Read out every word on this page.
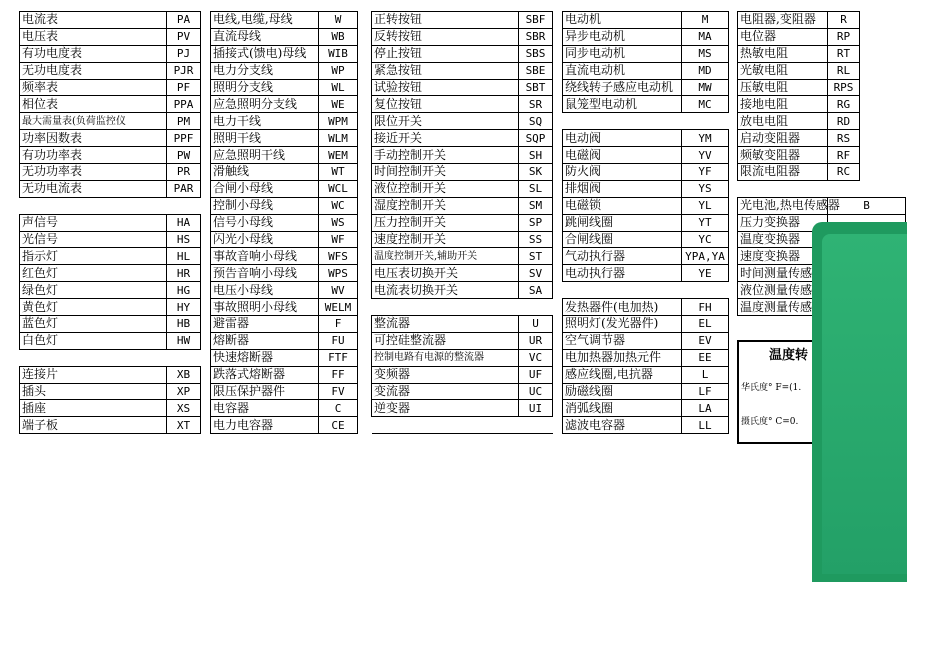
电流表	PA
电压表	PV
有功电度表	PJ
无功电度表	PJR
频率表	PF
相位表	PPA
最大需量表(负荷监控仪	PM
功率因数表	PPF
有功功率表	PW
无功功率表	PR
无功电流表	PAR

声信号	HA
光信号	HS
指示灯	HL
红色灯	HR
绿色灯	HG
黄色灯	HY
蓝色灯	HB
白色灯	HW

连接片	XB
插头	XP
插座	XS
端子板	XT
电线,电缆,母线	W
直流母线	WB
插接式(馈电)母线	WIB
电力分支线	WP
照明分支线	WL
应急照明分支线	WE
电力干线	WPM
照明干线	WLM
应急照明干线	WEM
滑触线	WT
合闸小母线	WCL
控制小母线	WC
信号小母线	WS
闪光小母线	WF
事故音响小母线	WFS
预告音响小母线	WPS
电压小母线	WV
事故照明小母线	WELM
避雷器	F
熔断器	FU
快速熔断器	FTF
跌落式熔断器	FF
限压保护器件	FV
电容器	C
电力电容器	CE
正转按钮	SBF
反转按钮	SBR
停止按钮	SBS
紧急按钮	SBE
试验按钮	SBT
复位按钮	SR
限位开关	SQ
接近开关	SQP
手动控制开关	SH
时间控制开关	SK
液位控制开关	SL
湿度控制开关	SM
压力控制开关	SP
速度控制开关	SS
温度控制开关,辅助开关	ST
电压表切换开关	SV
电流表切换开关	SA

整流器	U
可控硅整流器	UR
控制电路有电源的整流器	VC
变频器	UF
变流器	UC
逆变器	UI

电动机	M
异步电动机	MA
同步电动机	MS
直流电动机	MD
绕线转子感应电动机	MW
鼠笼型电动机	MC

电动阀	YM
电磁阀	YV
防火阀	YF
排烟阀	YS
电磁锁	YL
跳闸线圈	YT
合闸线圈	YC
气动执行器	YPA,YA
电动执行器	YE

发热器件(电加热)	FH
照明灯(发光器件)	EL
空气调节器	EV
电加热器加热元件	EE
感应线圈,电抗器	L
励磁线圈	LF
消弧线圈	LA
滤波电容器	LL
电阻器,变阻器	R	
电位器	RP	
热敏电阻	RT	
光敏电阻	RL	
压敏电阻	RPS	
接地电阻	RG	
放电电阻	RD	
启动变阻器	RS	
频敏变阻器	RF	
限流电阻器	RC	

光电池,热电传感器	B	
压力变换器		
温度变换器		
速度变换器		
时间测量传感		
液位测量传感		
温度测量传感		
温度转
华氏度° F=(1.
摄氏度° C=0.
